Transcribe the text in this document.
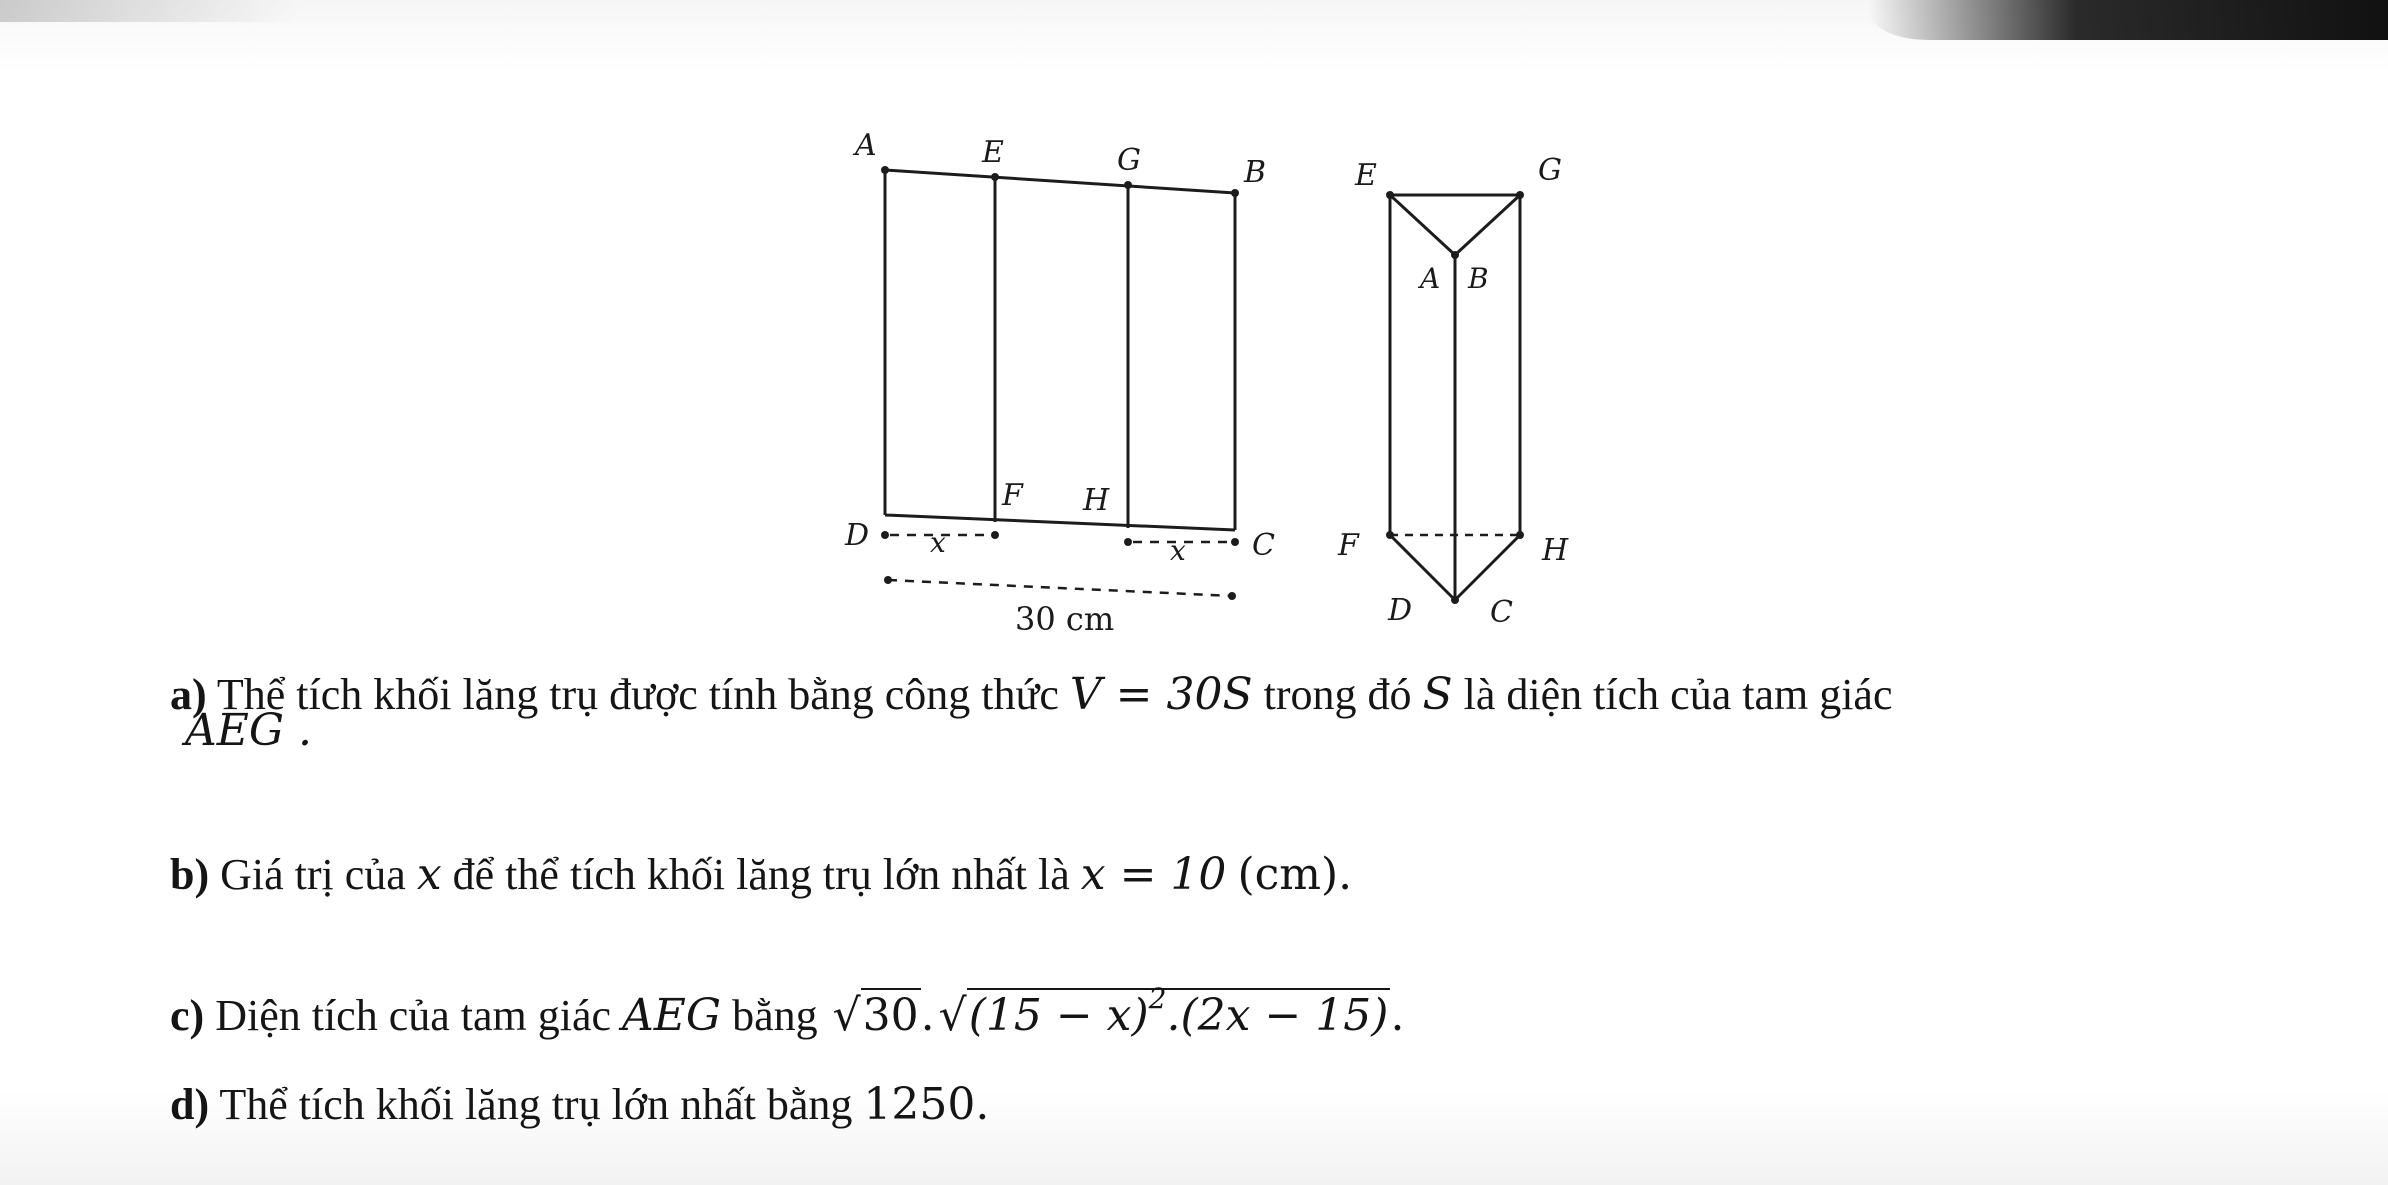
A	E	G	B
D
F H
C
x	x
30 cm
E	G
A B
F	H
D	C
a) Thể tích khối lăng trụ được tính bằng công thức V = 30S trong đó S là diện tích của tam giác
AEG .
b) Giá trị của x để thể tích khối lăng trụ lớn nhất là x = 10 (cm).
c) Diện tích của tam giác AEG bằng $√30.√(15 - x)^2.(2x - 15)$.
d) Thể tích khối lăng trụ lớn nhất bằng 1250.
